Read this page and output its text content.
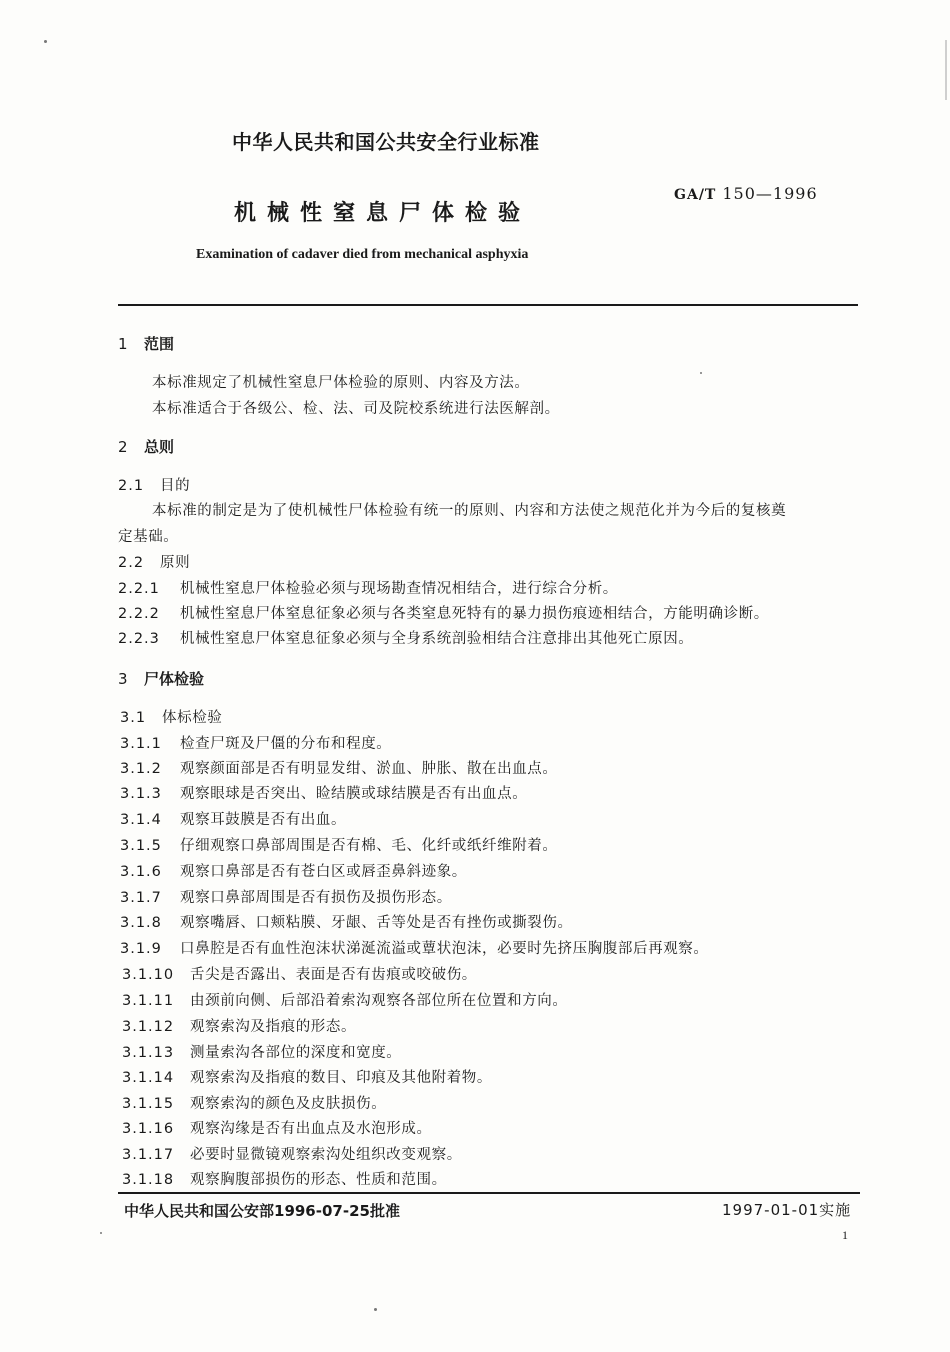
中华人民共和国公共安全行业标准
机械性窒息尸体检验
GA/T 150—1996
Examination of cadaver died from mechanical asphyxia
1 范围
本标准规定了机械性窒息尸体检验的原则、内容及方法。
本标准适合于各级公、检、法、司及院校系统进行法医解剖。
2 总则
2.1 目的
本标准的制定是为了使机械性尸体检验有统一的原则、内容和方法使之规范化并为今后的复核奠
定基础。
2.2 原则
2.2.1 机械性窒息尸体检验必须与现场勘查情况相结合，进行综合分析。
2.2.2 机械性窒息尸体窒息征象必须与各类窒息死特有的暴力损伤痕迹相结合，方能明确诊断。
2.2.3 机械性窒息尸体窒息征象必须与全身系统剖验相结合注意排出其他死亡原因。
3 尸体检验
3.1 体标检验
3.1.1 检查尸斑及尸僵的分布和程度。
3.1.2 观察颜面部是否有明显发绀、淤血、肿胀、散在出血点。
3.1.3 观察眼球是否突出、睑结膜或球结膜是否有出血点。
3.1.4 观察耳鼓膜是否有出血。
3.1.5 仔细观察口鼻部周围是否有棉、毛、化纤或纸纤维附着。
3.1.6 观察口鼻部是否有苍白区或唇歪鼻斜迹象。
3.1.7 观察口鼻部周围是否有损伤及损伤形态。
3.1.8 观察嘴唇、口颊粘膜、牙龈、舌等处是否有挫伤或撕裂伤。
3.1.9 口鼻腔是否有血性泡沫状涕涎流溢或蕈状泡沫，必要时先挤压胸腹部后再观察。
3.1.10 舌尖是否露出、表面是否有齿痕或咬破伤。
3.1.11 由颈前向侧、后部沿着索沟观察各部位所在位置和方向。
3.1.12 观察索沟及指痕的形态。
3.1.13 测量索沟各部位的深度和宽度。
3.1.14 观察索沟及指痕的数目、印痕及其他附着物。
3.1.15 观察索沟的颜色及皮肤损伤。
3.1.16 观察沟缘是否有出血点及水泡形成。
3.1.17 必要时显微镜观察索沟处组织改变观察。
3.1.18 观察胸腹部损伤的形态、性质和范围。
中华人民共和国公安部1996-07-25批准	1997-01-01实施
1
